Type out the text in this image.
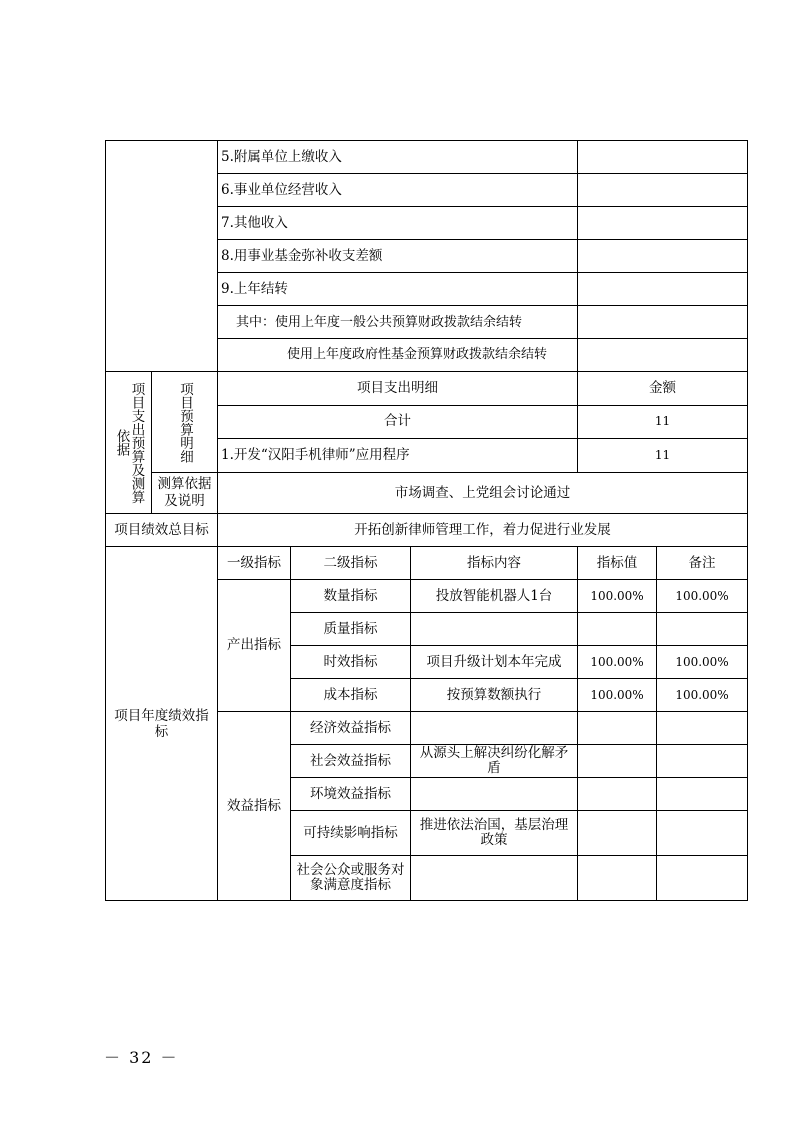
		5.附属单位上缴收入				
		6.事业单位经营收入				
		7.其他收入				
		8.用事业基金弥补收支差额				
		9.上年结转				
		其中：使用上年度一般公共预算财政拨款结余结转				

		使用上年度政府性基金预算财政拨款结余结转				

项目支出预算及测算依据	项目预算明细	项目支出明细			金额	
		合计			11	
		1.开发“汉阳手机律师”应用程序			11	

	测算依据及说明	市场调查、上党组会讨论通过				
项目绩效总目标		开拓创新律师管理工作，着力促进行业发展				

项目年度绩效指标		一级指标	二级指标	指标内容	指标值	备注
		产出指标	数量指标	投放智能机器人1台	100.00%	100.00%
			质量指标			
			时效指标	项目升级计划本年完成	100.00%	100.00%
			成本指标	按预算数额执行	100.00%	100.00%
		效益指标	经济效益指标			
			社会效益指标	从源头上解决纠纷化解矛盾		

			环境效益指标			
			可持续影响指标	推进依法治国，基层治理政策		

			社会公众或服务对象满意度指标			

－ 32 －
